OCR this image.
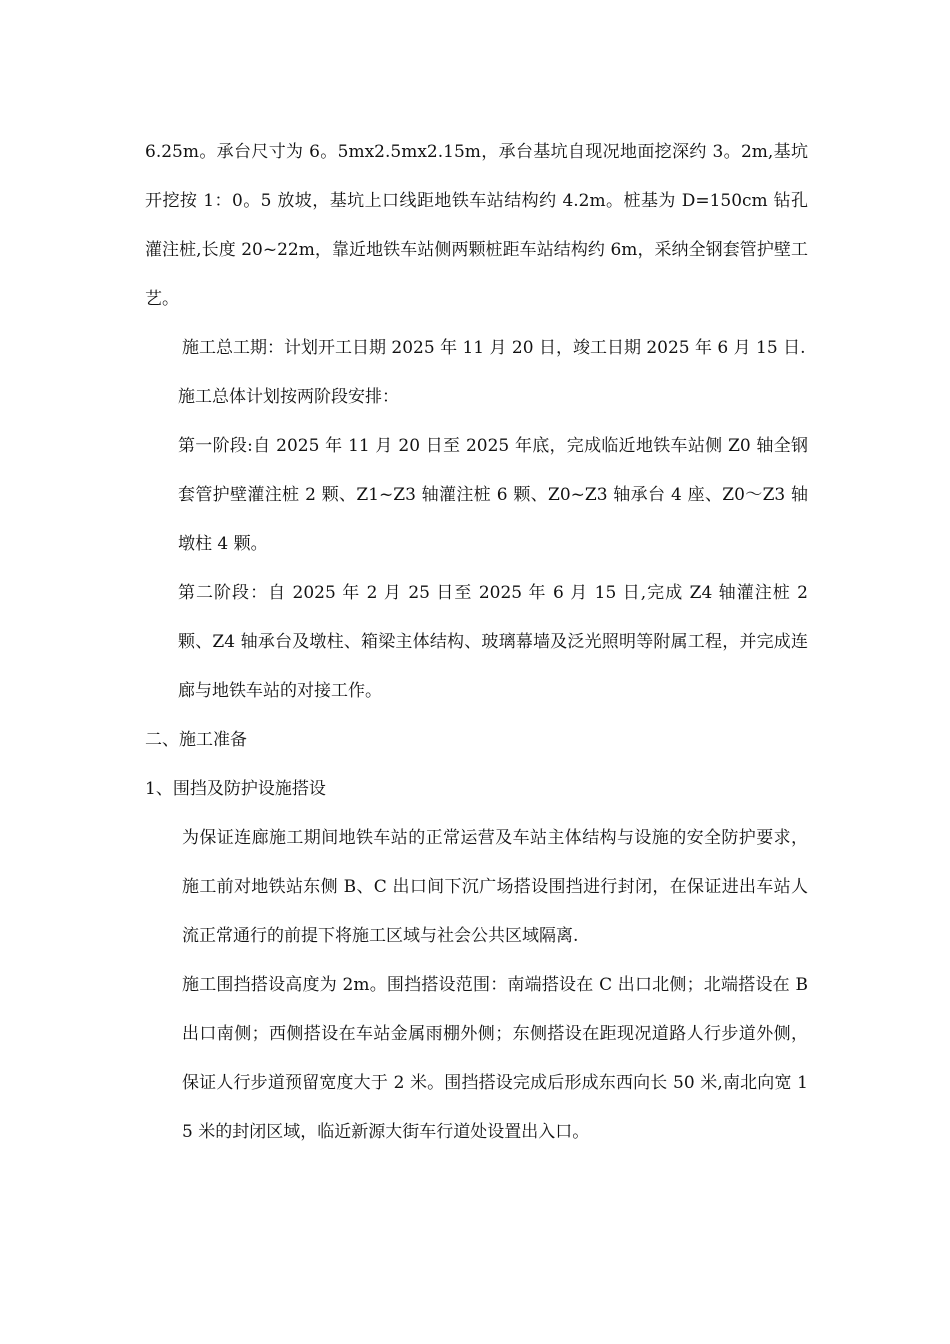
6.25m。承台尺寸为 6。5mx2.5mx2.15m，承台基坑自现况地面挖深约 3。2m,基坑开挖按 1：0。5 放坡，基坑上口线距地铁车站结构约 4.2m。桩基为 D=150cm 钻孔灌注桩,长度 20~22m，靠近地铁车站侧两颗桩距车站结构约 6m，采纳全钢套管护壁工艺。

施工总工期：计划开工日期 2025 年 11 月 20 日，竣工日期 2025 年 6 月 15 日.

施工总体计划按两阶段安排：

第一阶段:自 2025 年 11 月 20 日至 2025 年底，完成临近地铁车站侧 Z0 轴全钢套管护壁灌注桩 2 颗、Z1~Z3 轴灌注桩 6 颗、Z0~Z3 轴承台 4 座、Z0～Z3 轴墩柱 4 颗。

第二阶段：自 2025 年 2 月 25 日至 2025 年 6 月 15 日,完成 Z4 轴灌注桩 2 颗、Z4 轴承台及墩柱、箱梁主体结构、玻璃幕墙及泛光照明等附属工程，并完成连廊与地铁车站的对接工作。

二、施工准备

1、围挡及防护设施搭设

为保证连廊施工期间地铁车站的正常运营及车站主体结构与设施的安全防护要求，施工前对地铁站东侧 B、C 出口间下沉广场搭设围挡进行封闭，在保证进出车站人流正常通行的前提下将施工区域与社会公共区域隔离.

施工围挡搭设高度为 2m。围挡搭设范围：南端搭设在 C 出口北侧；北端搭设在 B 出口南侧；西侧搭设在车站金属雨棚外侧；东侧搭设在距现况道路人行步道外侧，保证人行步道预留宽度大于 2 米。围挡搭设完成后形成东西向长 50 米,南北向宽 15 米的封闭区域，临近新源大街车行道处设置出入口。
